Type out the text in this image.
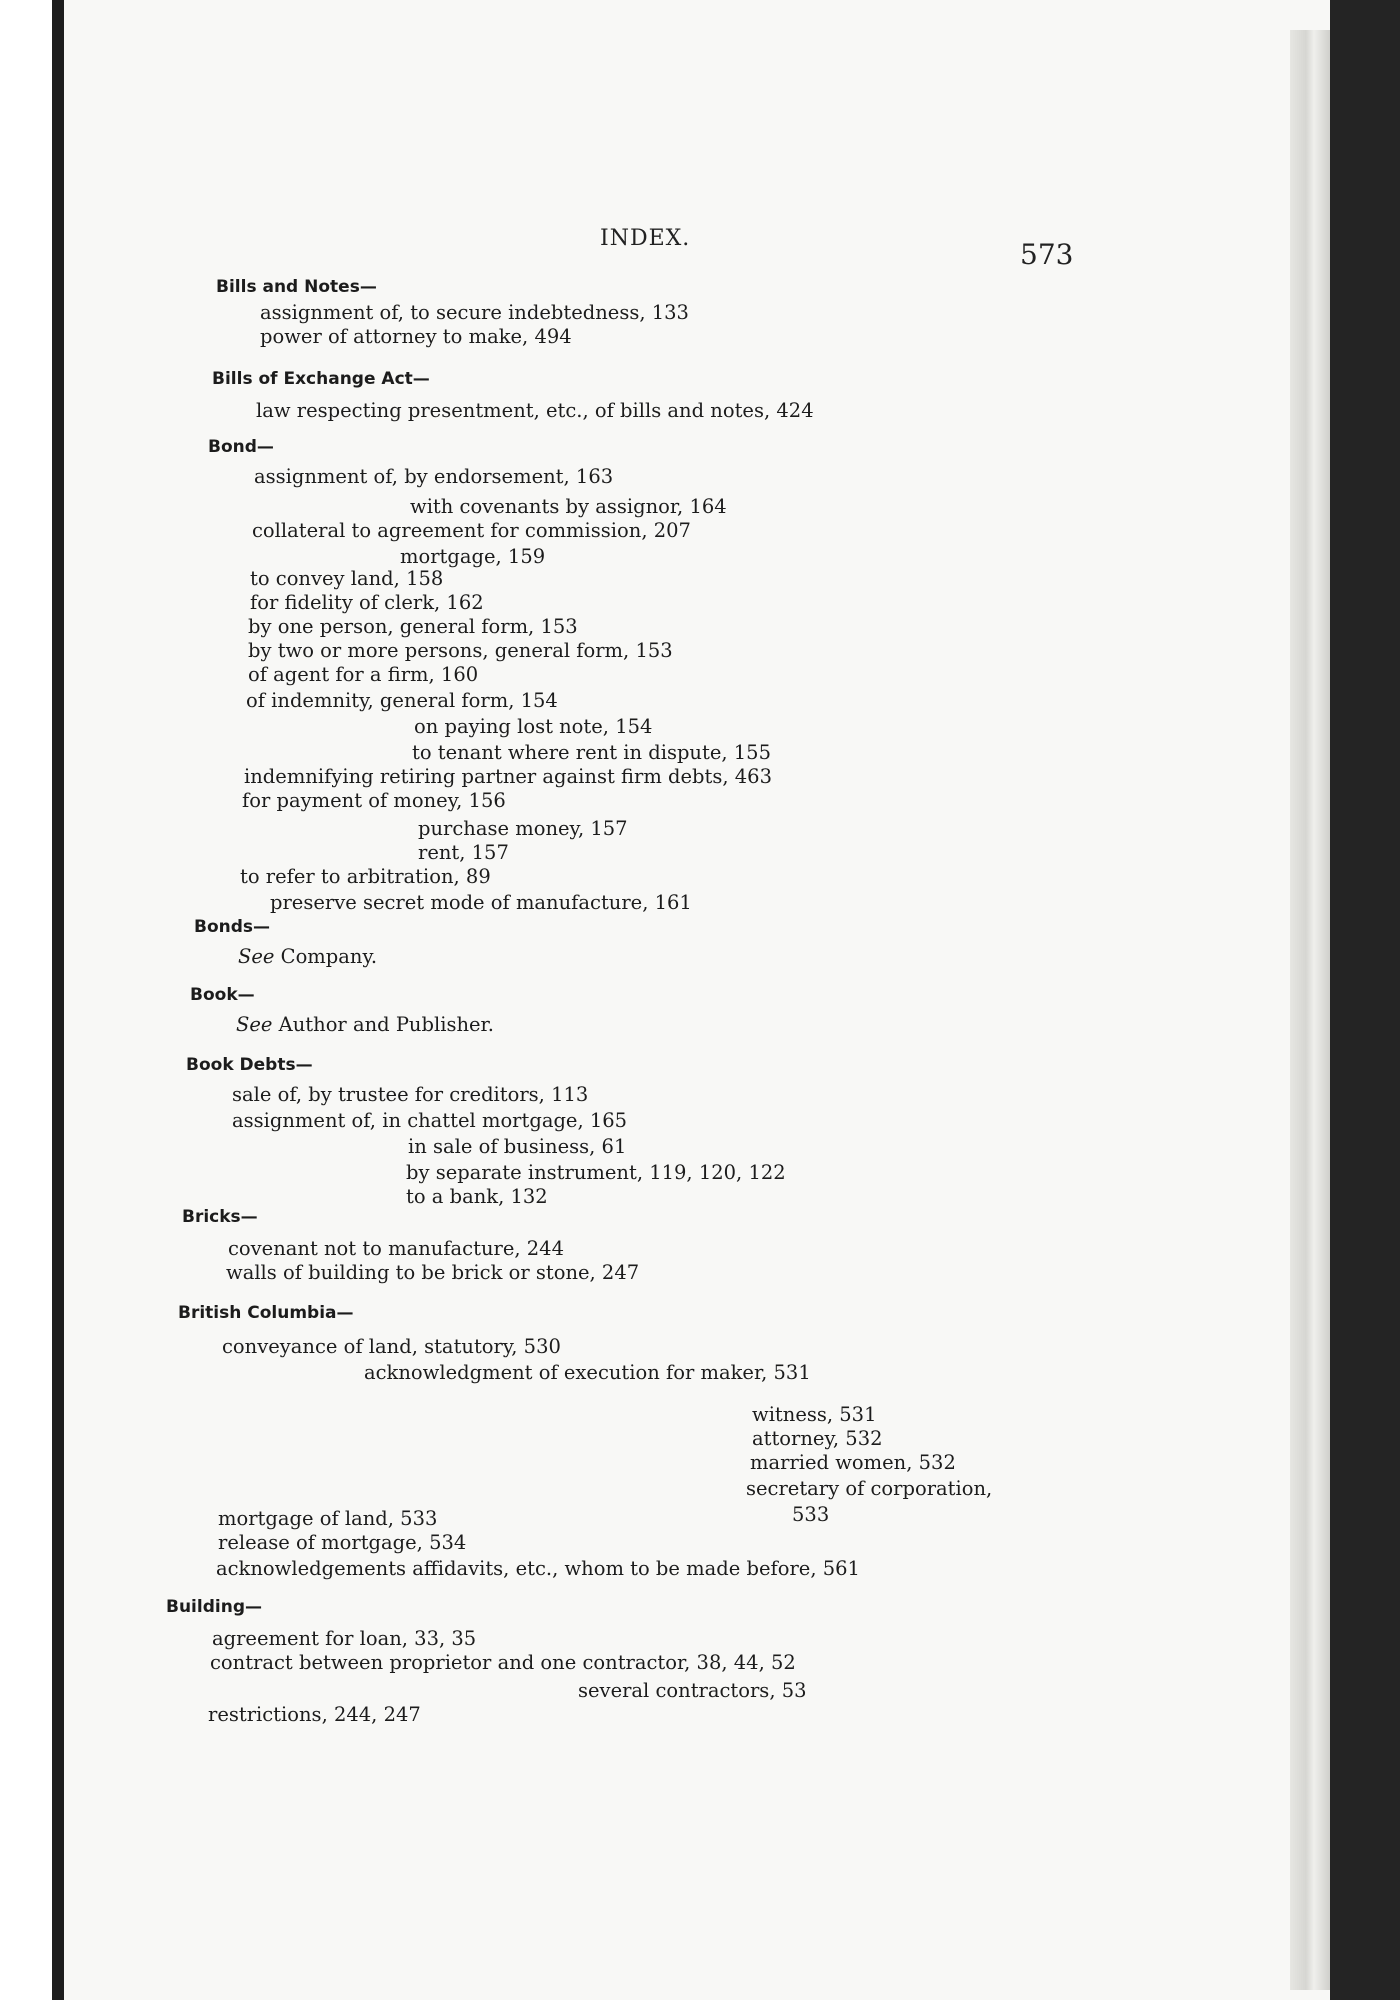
INDEX.	573
Bills and Notes—
assignment of, to secure indebtedness, 133
power of attorney to make, 494
Bills of Exchange Act—
law respecting presentment, etc., of bills and notes, 424
Bond—
assignment of, by endorsement, 163
with covenants by assignor, 164
collateral to agreement for commission, 207
mortgage, 159
to convey land, 158
for fidelity of clerk, 162
by one person, general form, 153
by two or more persons, general form, 153
of agent for a firm, 160
of indemnity, general form, 154
on paying lost note, 154
to tenant where rent in dispute, 155
indemnifying retiring partner against firm debts, 463
for payment of money, 156
purchase money, 157
rent, 157
to refer to arbitration, 89
preserve secret mode of manufacture, 161
Bonds—
See Company.
Book—
See Author and Publisher.
Book Debts—
sale of, by trustee for creditors, 113
assignment of, in chattel mortgage, 165
in sale of business, 61
by separate instrument, 119, 120, 122
to a bank, 132
Bricks—
covenant not to manufacture, 244
walls of building to be brick or stone, 247
British Columbia—
conveyance of land, statutory, 530
acknowledgment of execution for maker, 531
witness, 531
attorney, 532
married women, 532
secretary of corporation,
533
mortgage of land, 533
release of mortgage, 534
acknowledgements affidavits, etc., whom to be made before, 561
Building—
agreement for loan, 33, 35
contract between proprietor and one contractor, 38, 44, 52
several contractors, 53
restrictions, 244, 247
